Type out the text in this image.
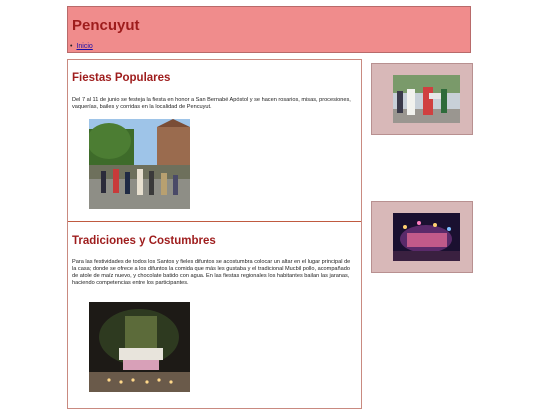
Pencuyut
• Inicio
Fiestas Populares

Del 7 al 11 de junio se festeja la fiesta en honor a San Bernabé Apóstol y se hacen rosarios, misas, procesiones, vaquerías, bailes y corridas en la localidad de Pencuyut.

Tradiciones y Costumbres

Para las festividades de todos los Santos y fieles difuntos se acostumbra colocar un altar en el lugar principal de la casa; donde se ofrece a los difuntos la comida que más les gustaba y el tradicional Mucbil pollo, acompañado de atole de maíz nuevo, y chocolate batido con agua. En las fiestas regionales los habitantes bailan las jaranas, haciendo competencias entre los participantes.
